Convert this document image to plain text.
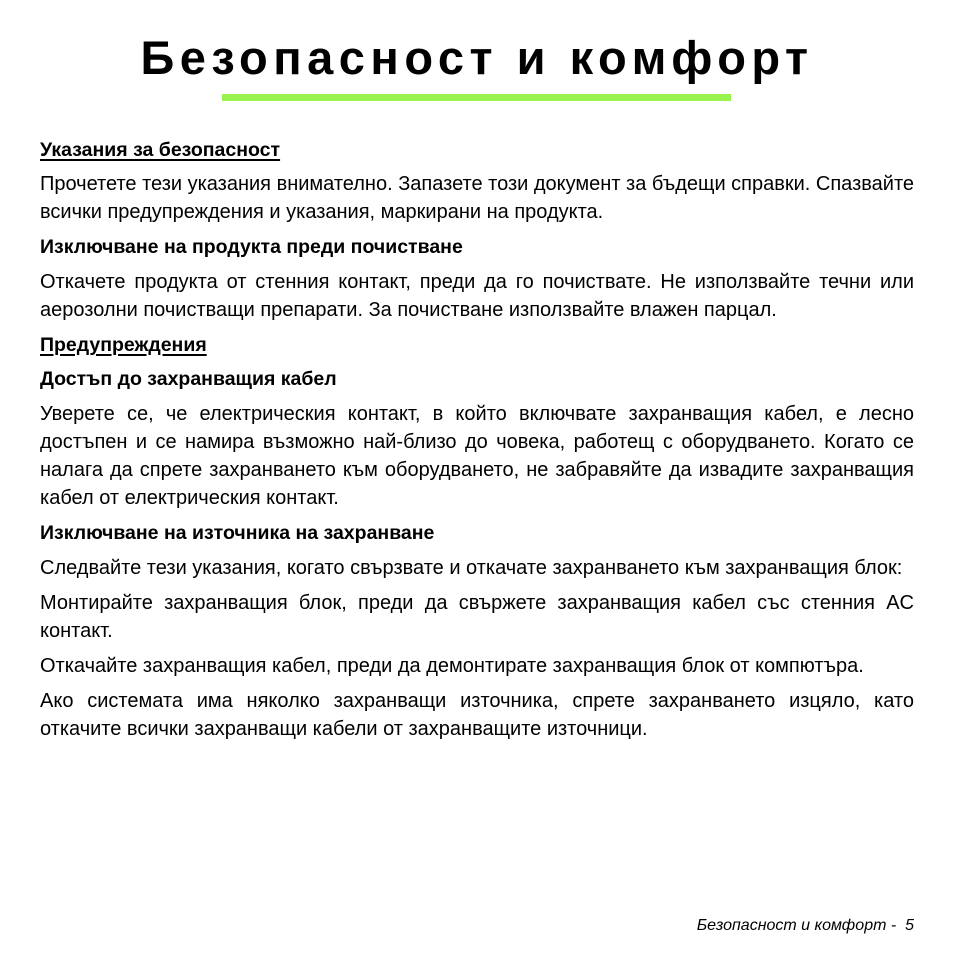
Безопасност и комфорт
Указания за безопасност

Прочетете тези указания внимателно. Запазете този документ за бъдещи справки. Спазвайте всички предупреждения и указания, маркирани на продукта.

Изключване на продукта преди почистване

Откачете продукта от стенния контакт, преди да го почиствате. Не използвайте течни или аерозолни почистващи препарати. За почистване използвайте влажен парцал.

Предупреждения
Достъп до захранващия кабел

Уверете се, че електрическия контакт, в който включвате захранващия кабел, е лесно достъпен и се намира възможно най-близо до човека, работещ с оборудването. Когато се налага да спрете захранването към оборудването, не забравяйте да извадите захранващия кабел от електрическия контакт.

Изключване на източника на захранване

Следвайте тези указания, когато свързвате и откачате захранването към захранващия блок:

Монтирайте захранващия блок, преди да свържете захранващия кабел със стенния AC контакт.

Откачайте захранващия кабел, преди да демонтирате захранващия блок от компютъра.

Ако системата има няколко захранващи източника, спрете захранването изцяло, като откачите всички захранващи кабели от захранващите източници.

Безопасност и комфорт -  5
